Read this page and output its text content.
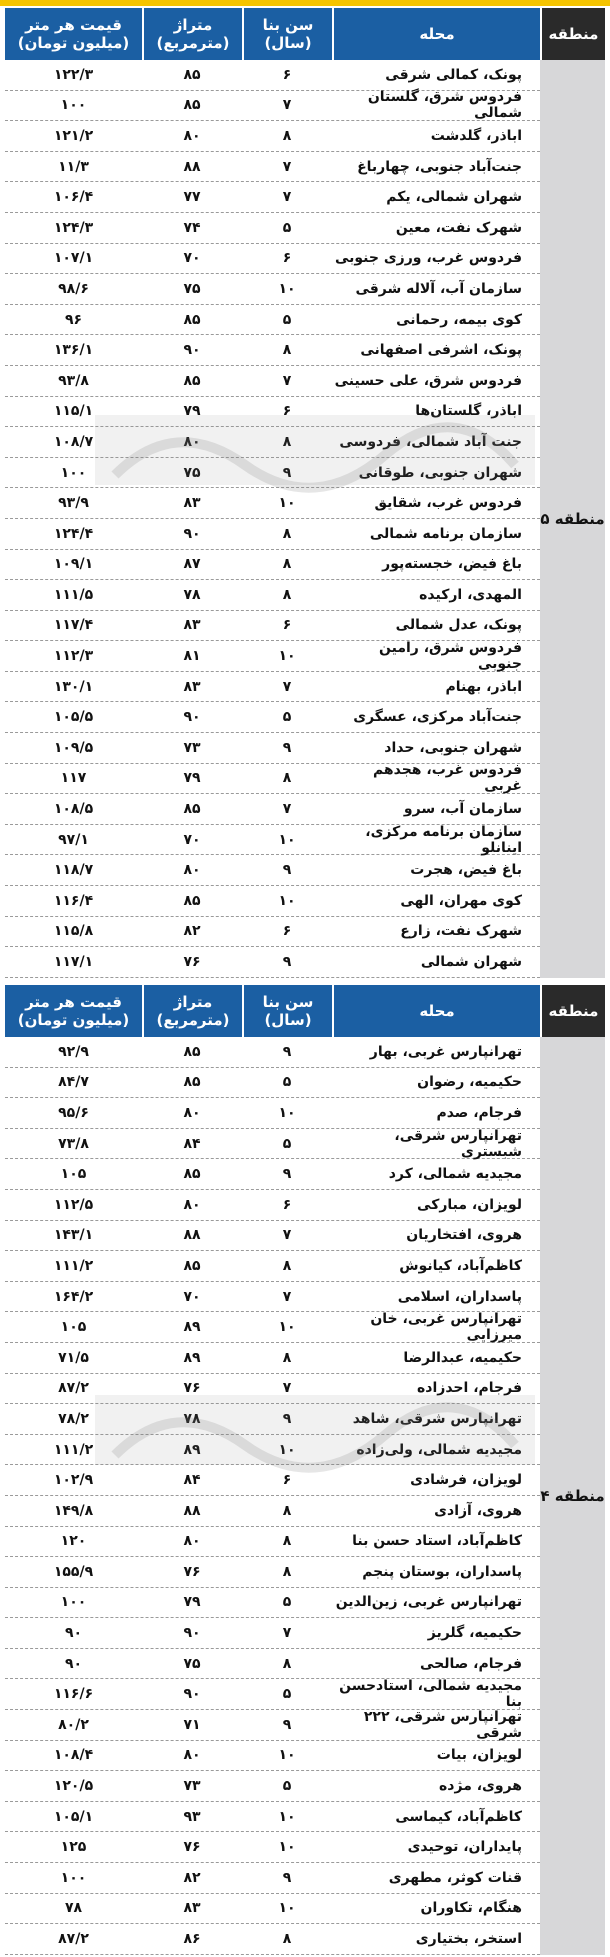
منطقه
محله
سن بنا (سال)
متراژ (مترمربع)
قیمت هر متر (میلیون تومان)
منطقه ۵
پونک، کمالی شرقی
۶
۸۵
۱۲۲/۳
فردوس شرق، گلستان شمالی
۷
۸۵
۱۰۰
اباذر، گلدشت
۸
۸۰
۱۲۱/۲
جنت‌آباد جنوبی، چهارباغ
۷
۸۸
۱۱/۳
شهران شمالی، یکم
۷
۷۷
۱۰۶/۴
شهرک نفت، معین
۵
۷۴
۱۲۴/۳
فردوس غرب، ورزی جنوبی
۶
۷۰
۱۰۷/۱
سازمان آب، آلاله شرقی
۱۰
۷۵
۹۸/۶
کوی بیمه، رحمانی
۵
۸۵
۹۶
پونک، اشرفی اصفهانی
۸
۹۰
۱۳۶/۱
فردوس شرق، علی حسینی
۷
۸۵
۹۳/۸
اباذر، گلستان‌ها
۶
۷۹
۱۱۵/۱
جنت آباد شمالی، فردوسی
۸
۸۰
۱۰۸/۷
شهران جنوبی، طوقانی
۹
۷۵
۱۰۰
فردوس غرب، شقایق
۱۰
۸۳
۹۳/۹
سازمان برنامه شمالی
۸
۹۰
۱۲۴/۴
باغ فیض، خجسته‌پور
۸
۸۷
۱۰۹/۱
المهدی، ارکیده
۸
۷۸
۱۱۱/۵
پونک، عدل شمالی
۶
۸۳
۱۱۷/۴
فردوس شرق، رامین جنوبی
۱۰
۸۱
۱۱۲/۳
اباذر، بهنام
۷
۸۳
۱۳۰/۱
جنت‌آباد مرکزی، عسگری
۵
۹۰
۱۰۵/۵
شهران جنوبی، حداد
۹
۷۳
۱۰۹/۵
فردوس غرب، هجدهم غربی
۸
۷۹
۱۱۷
سازمان آب، سرو
۷
۸۵
۱۰۸/۵
سازمان برنامه مرکزی، اینانلو
۱۰
۷۰
۹۷/۱
باغ فیض، هجرت
۹
۸۰
۱۱۸/۷
کوی مهران، الهی
۱۰
۸۵
۱۱۶/۴
شهرک نفت، زارع
۶
۸۲
۱۱۵/۸
شهران شمالی
۹
۷۶
۱۱۷/۱
منطقه
محله
سن بنا (سال)
متراژ (مترمربع)
قیمت هر متر (میلیون تومان)
منطقه ۴
تهرانپارس غربی، بهار
۹
۸۵
۹۲/۹
حکیمیه، رضوان
۵
۸۵
۸۴/۷
فرجام، صدم
۱۰
۸۰
۹۵/۶
تهرانپارس شرقی، شبستری
۵
۸۴
۷۳/۸
مجیدیه شمالی، کرد
۹
۸۵
۱۰۵
لویزان، مبارکی
۶
۸۰
۱۱۲/۵
هروی، افتخاریان
۷
۸۸
۱۴۳/۱
کاظم‌آباد، کیانوش
۸
۸۵
۱۱۱/۲
پاسداران، اسلامی
۷
۷۰
۱۶۴/۲
تهرانپارس غربی، خان میرزایی
۱۰
۸۹
۱۰۵
حکیمیه، عبدالرضا
۸
۸۹
۷۱/۵
فرجام، احدزاده
۷
۷۶
۸۷/۲
تهرانپارس شرقی، شاهد
۹
۷۸
۷۸/۲
مجیدیه شمالی، ولی‌زاده
۱۰
۸۹
۱۱۱/۲
لویزان، فرشادی
۶
۸۴
۱۰۲/۹
هروی، آزادی
۸
۸۸
۱۴۹/۸
کاظم‌آباد، استاد حسن بنا
۸
۸۰
۱۲۰
پاسداران، بوستان پنجم
۸
۷۶
۱۵۵/۹
تهرانپارس غربی، زین‌الدین
۵
۷۹
۱۰۰
حکیمیه، گلریز
۷
۹۰
۹۰
فرجام، صالحی
۸
۷۵
۹۰
مجیدیه شمالی، استادحسن بنا
۵
۹۰
۱۱۶/۶
تهرانپارس شرقی، ۲۲۲ شرقی
۹
۷۱
۸۰/۲
لویزان، بیات
۱۰
۸۰
۱۰۸/۴
هروی، مژده
۵
۷۳
۱۲۰/۵
کاظم‌آباد، کیماسی
۱۰
۹۳
۱۰۵/۱
پایداران، توحیدی
۱۰
۷۶
۱۲۵
قنات کوثر، مطهری
۹
۸۲
۱۰۰
هنگام، تکاوران
۱۰
۸۳
۷۸
استخر، بختیاری
۸
۸۶
۸۷/۲
